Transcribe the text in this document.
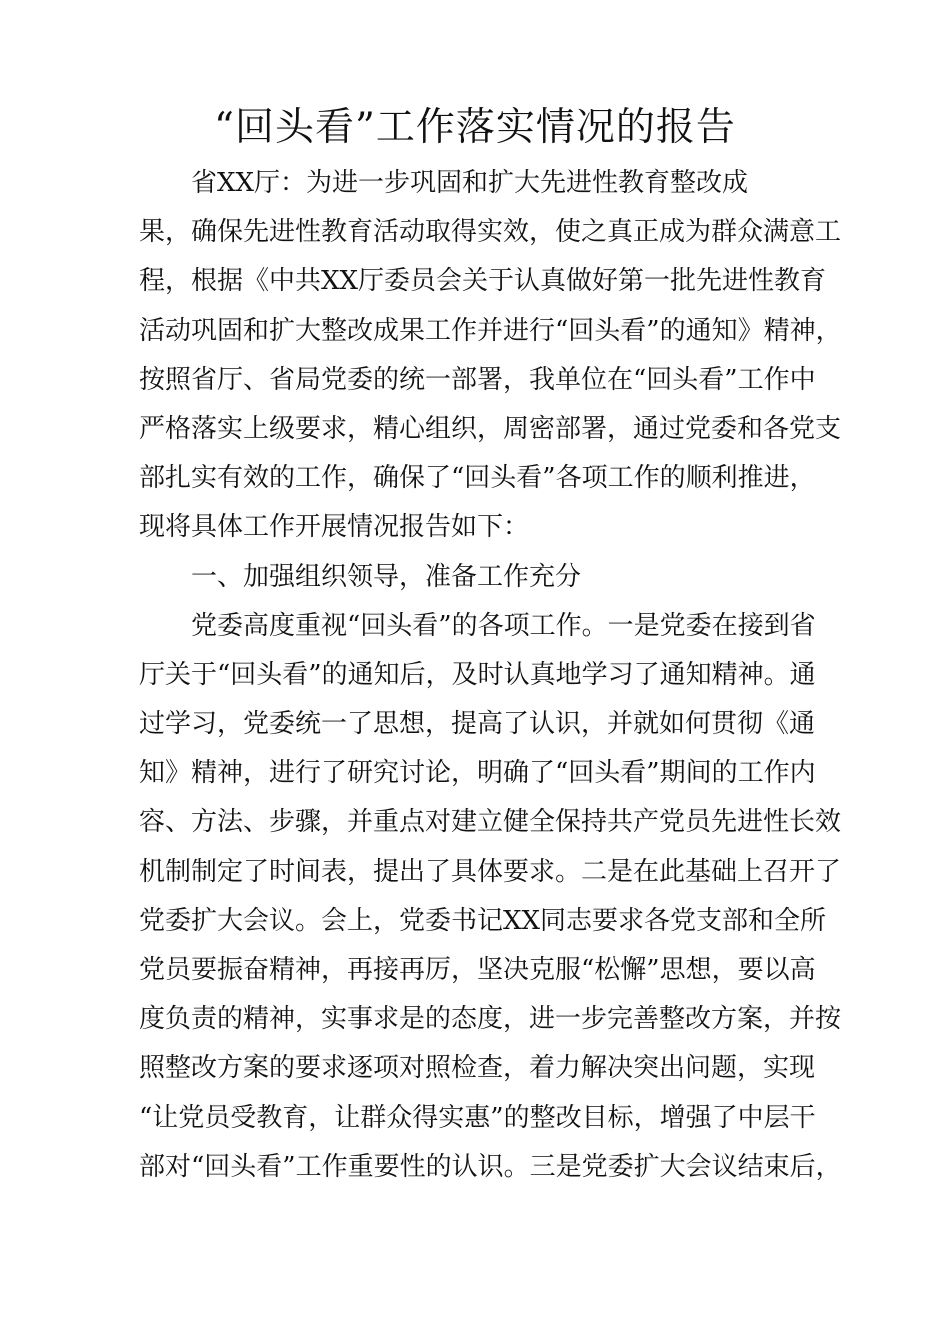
“回头看”工作落实情况的报告
省XX厅：为进一步巩固和扩大先进性教育整改成
果，确保先进性教育活动取得实效，使之真正成为群众满意工
程，根据《中共XX厅委员会关于认真做好第一批先进性教育
活动巩固和扩大整改成果工作并进行“回头看”的通知》精神，
按照省厅、省局党委的统一部署，我单位在“回头看”工作中
严格落实上级要求，精心组织，周密部署，通过党委和各党支
部扎实有效的工作，确保了“回头看”各项工作的顺利推进，
现将具体工作开展情况报告如下：
一、加强组织领导，准备工作充分
党委高度重视“回头看”的各项工作。一是党委在接到省
厅关于“回头看”的通知后，及时认真地学习了通知精神。通
过学习，党委统一了思想，提高了认识，并就如何贯彻《通
知》精神，进行了研究讨论，明确了“回头看”期间的工作内
容、方法、步骤，并重点对建立健全保持共产党员先进性长效
机制制定了时间表，提出了具体要求。二是在此基础上召开了
党委扩大会议。会上，党委书记XX同志要求各党支部和全所
党员要振奋精神，再接再厉，坚决克服“松懈”思想，要以高
度负责的精神，实事求是的态度，进一步完善整改方案，并按
照整改方案的要求逐项对照检查，着力解决突出问题，实现
“让党员受教育，让群众得实惠”的整改目标，增强了中层干
部对“回头看”工作重要性的认识。三是党委扩大会议结束后，
